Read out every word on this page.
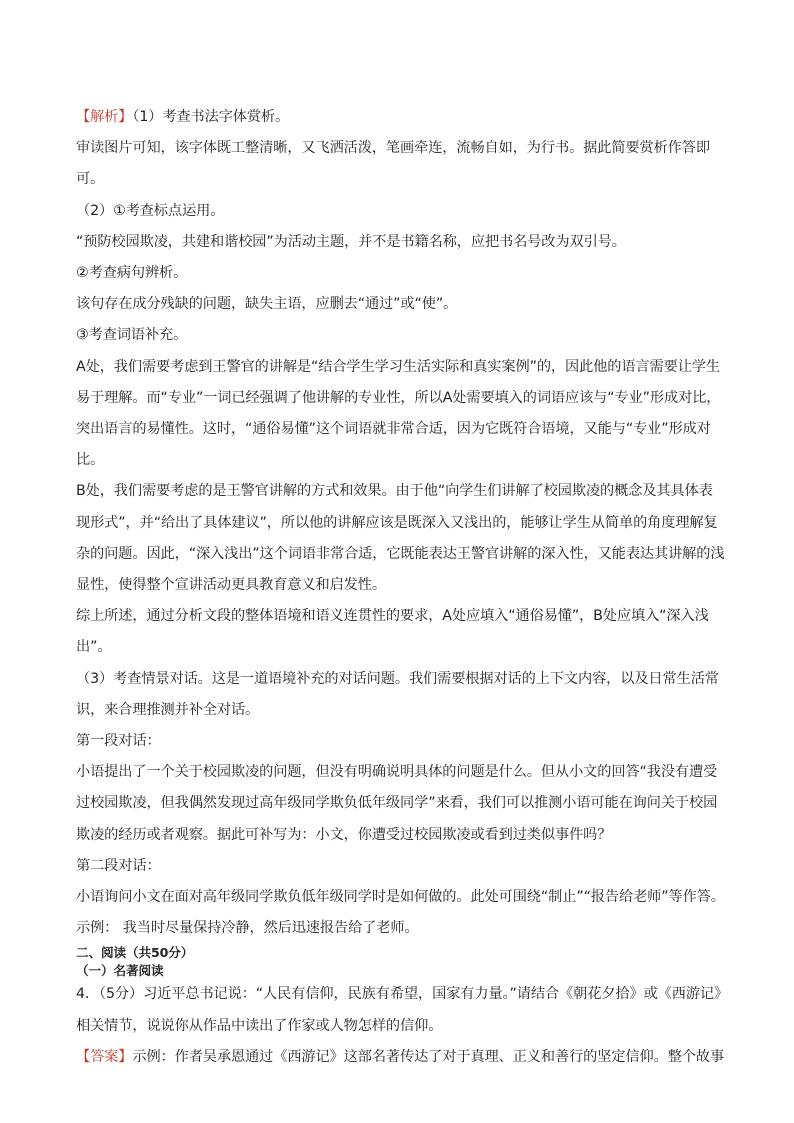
【解析】（1）考查书法字体赏析。

审读图片可知，该字体既工整清晰，又飞洒活泼，笔画牵连，流畅自如，为行书。据此简要赏析作答即可。

（2）①考查标点运用。

“预防校园欺凌，共建和谐校园”为活动主题，并不是书籍名称，应把书名号改为双引号。

②考查病句辨析。

该句存在成分残缺的问题，缺失主语，应删去“通过”或“使”。

③考查词语补充。

A处，我们需要考虑到王警官的讲解是“结合学生学习生活实际和真实案例”的，因此他的语言需要让学生易于理解。而“专业”一词已经强调了他讲解的专业性，所以A处需要填入的词语应该与“专业”形成对比，突出语言的易懂性。这时，“通俗易懂”这个词语就非常合适，因为它既符合语境，又能与“专业”形成对比。

B处，我们需要考虑的是王警官讲解的方式和效果。由于他“向学生们讲解了校园欺凌的概念及其具体表现形式”，并“给出了具体建议”，所以他的讲解应该是既深入又浅出的，能够让学生从简单的角度理解复杂的问题。因此，“深入浅出”这个词语非常合适，它既能表达王警官讲解的深入性，又能表达其讲解的浅显性，使得整个宣讲活动更具教育意义和启发性。

综上所述，通过分析文段的整体语境和语义连贯性的要求，A处应填入“通俗易懂”，B处应填入“深入浅出”。

（3）考查情景对话。这是一道语境补充的对话问题。我们需要根据对话的上下文内容，以及日常生活常识，来合理推测并补全对话。

第一段对话：

小语提出了一个关于校园欺凌的问题，但没有明确说明具体的问题是什么。但从小文的回答“我没有遭受过校园欺凌，但我偶然发现过高年级同学欺负低年级同学”来看，我们可以推测小语可能在询问关于校园欺凌的经历或者观察。据此可补写为：小文，你遭受过校园欺凌或看到过类似事件吗？

第二段对话：

小语询问小文在面对高年级同学欺负低年级同学时是如何做的。此处可围绕“制止”“报告给老师”等作答。

示例： 我当时尽量保持冷静，然后迅速报告给了老师。

二、阅读（共50分）

（一）名著阅读

4．（5分）习近平总书记说：“人民有信仰，民族有希望，国家有力量。”请结合《朝花夕拾》或《西游记》相关情节，说说你从作品中读出了作家或人物怎样的信仰。

【答案】示例：作者吴承恩通过《西游记》这部名著传达了对于真理、正义和善行的坚定信仰。整个故事
